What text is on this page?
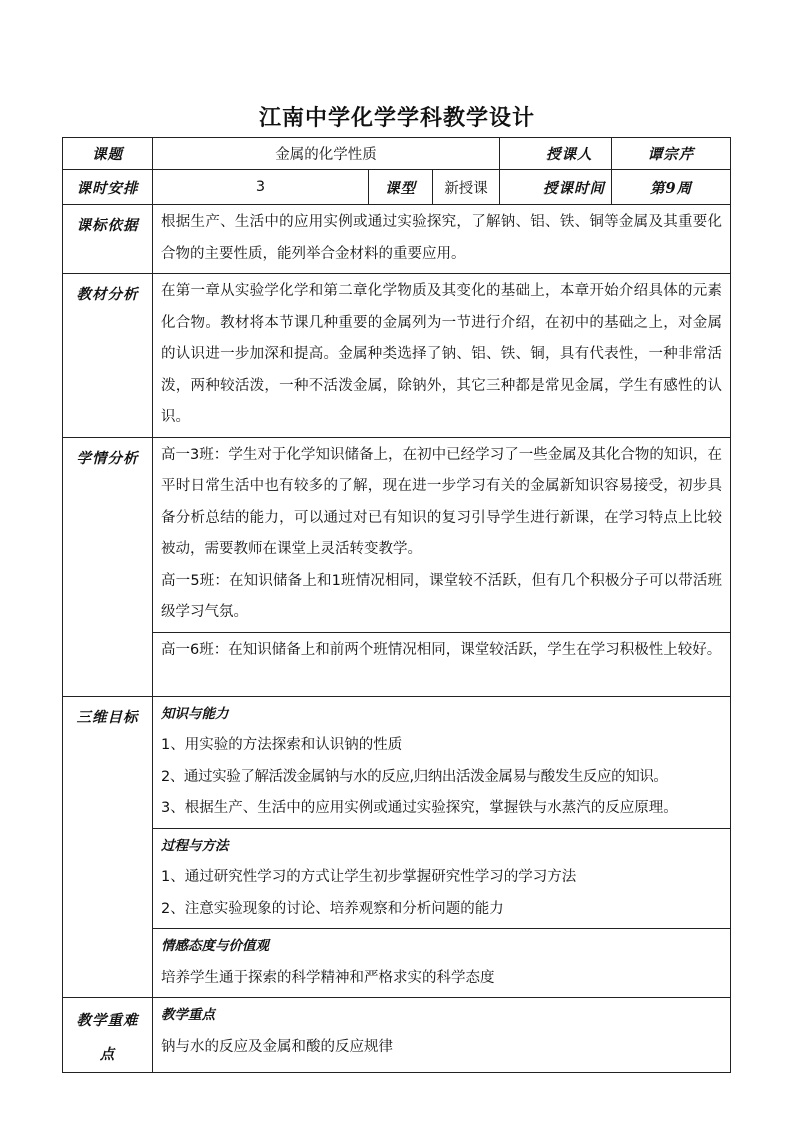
江南中学化学学科教学设计
课题	金属的化学性质				授课人	谭宗芹
课时安排	3	课型	新授课	授课时间		第9周
课标依据	根据生产、生活中的应用实例或通过实验探究，了解钠、铝、铁、铜等金属及其重要化合物的主要性质，能列举合金材料的重要应用。					
教材分析	在第一章从实验学化学和第二章化学物质及其变化的基础上，本章开始介绍具体的元素化合物。教材将本节课几种重要的金属列为一节进行介绍，在初中的基础之上，对金属的认识进一步加深和提高。金属种类选择了钠、铝、铁、铜，具有代表性，一种非常活泼，两种较活泼，一种不活泼金属，除钠外，其它三种都是常见金属，学生有感性的认识。					
学情分析	高一3班：学生对于化学知识储备上，在初中已经学习了一些金属及其化合物的知识，在平时日常生活中也有较多的了解，现在进一步学习有关的金属新知识容易接受，初步具备分析总结的能力，可以通过对已有知识的复习引导学生进行新课，在学习特点上比较被动，需要教师在课堂上灵活转变教学。

高一5班：在知识储备上和1班情况相同，课堂较不活跃，但有几个积极分子可以带活班级学习气氛。					

	高一6班：在知识储备上和前两个班情况相同，课堂较活跃，学生在学习积极性上较好。					
三维目标	知识与能力

1、用实验的方法探索和认识钠的性质

2、通过实验了解活泼金属钠与水的反应,归纳出活泼金属易与酸发生反应的知识。

3、根据生产、生活中的应用实例或通过实验探究，掌握铁与水蒸汽的反应原理。					

	过程与方法

1、通过研究性学习的方式让学生初步掌握研究性学习的学习方法

2、注意实验现象的讨论、培养观察和分析问题的能力					

	情感态度与价值观

培养学生通于探索的科学精神和严格求实的科学态度					

教学重难点	教学重点

钠与水的反应及金属和酸的反应规律					
